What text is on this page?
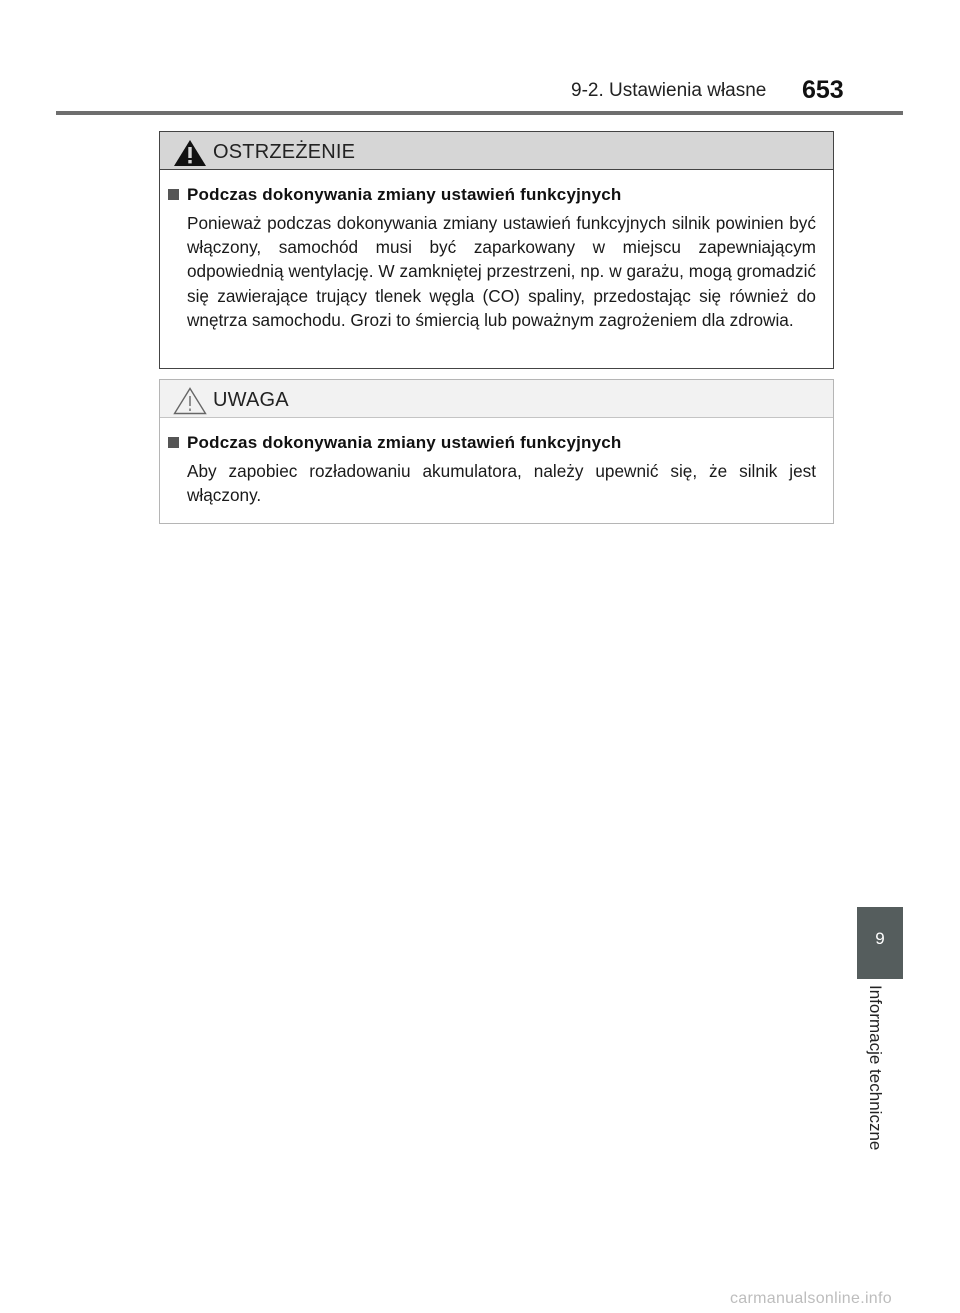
9-2. Ustawienia własne 653
OSTRZEŻENIE
Podczas dokonywania zmiany ustawień funkcyjnych

Ponieważ podczas dokonywania zmiany ustawień funkcyjnych silnik powinien być włączony, samochód musi być zaparkowany w miejscu zapewniającym odpowiednią wentylację. W zamkniętej przestrzeni, np. w garażu, mogą gromadzić się zawierające trujący tlenek węgla (CO) spaliny, przedostając się również do wnętrza samochodu. Grozi to śmiercią lub poważnym zagrożeniem dla zdrowia.

UWAGA
Podczas dokonywania zmiany ustawień funkcyjnych

Aby zapobiec rozładowaniu akumulatora, należy upewnić się, że silnik jest włączony.

9
Informacje techniczne
carmanualsonline.info
